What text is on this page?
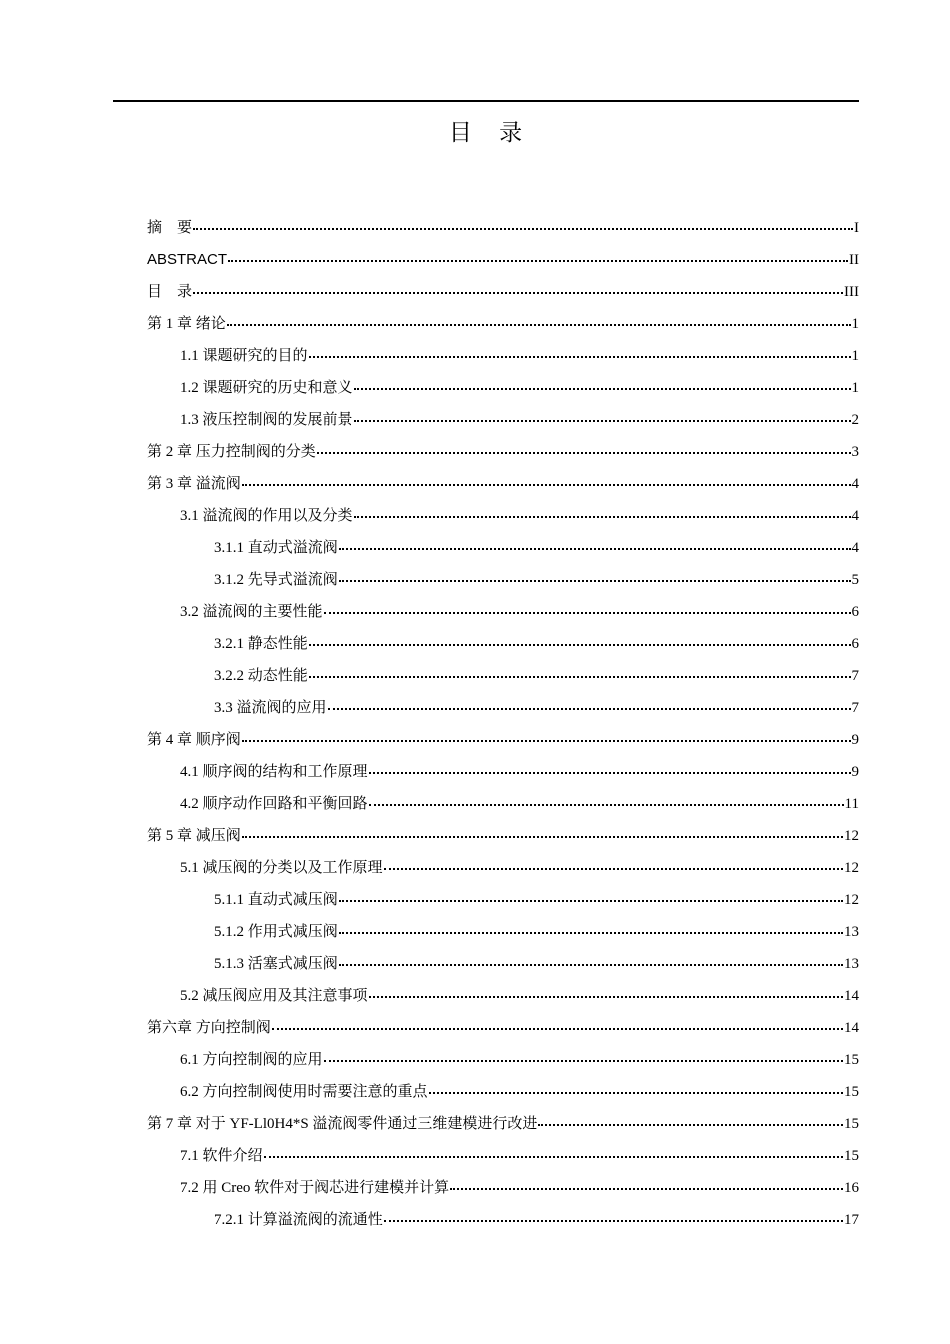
目 录
摘　要	I
ABSTRACT	II
目　录	III
第 1 章 绪论	1
1.1 课题研究的目的	1
1.2 课题研究的历史和意义	1
1.3 液压控制阀的发展前景	2
第 2 章 压力控制阀的分类	3
第 3 章 溢流阀	4
3.1 溢流阀的作用以及分类	4
3.1.1 直动式溢流阀	4
3.1.2 先导式溢流阀	5
3.2 溢流阀的主要性能	6
3.2.1 静态性能	6
3.2.2 动态性能	7
3.3 溢流阀的应用	7
第 4 章 顺序阀	9
4.1 顺序阀的结构和工作原理	9
4.2 顺序动作回路和平衡回路	11
第 5 章 减压阀	12
5.1 减压阀的分类以及工作原理	12
5.1.1 直动式减压阀	12
5.1.2 作用式减压阀	13
5.1.3 活塞式减压阀	13
5.2 减压阀应用及其注意事项	14
第六章 方向控制阀	14
6.1 方向控制阀的应用	15
6.2 方向控制阀使用时需要注意的重点	15
第 7 章 对于 YF-Ll0H4*S 溢流阀零件通过三维建模进行改进	15
7.1 软件介绍	15
7.2 用 Creo 软件对于阀芯进行建模并计算	16
7.2.1 计算溢流阀的流通性	17
